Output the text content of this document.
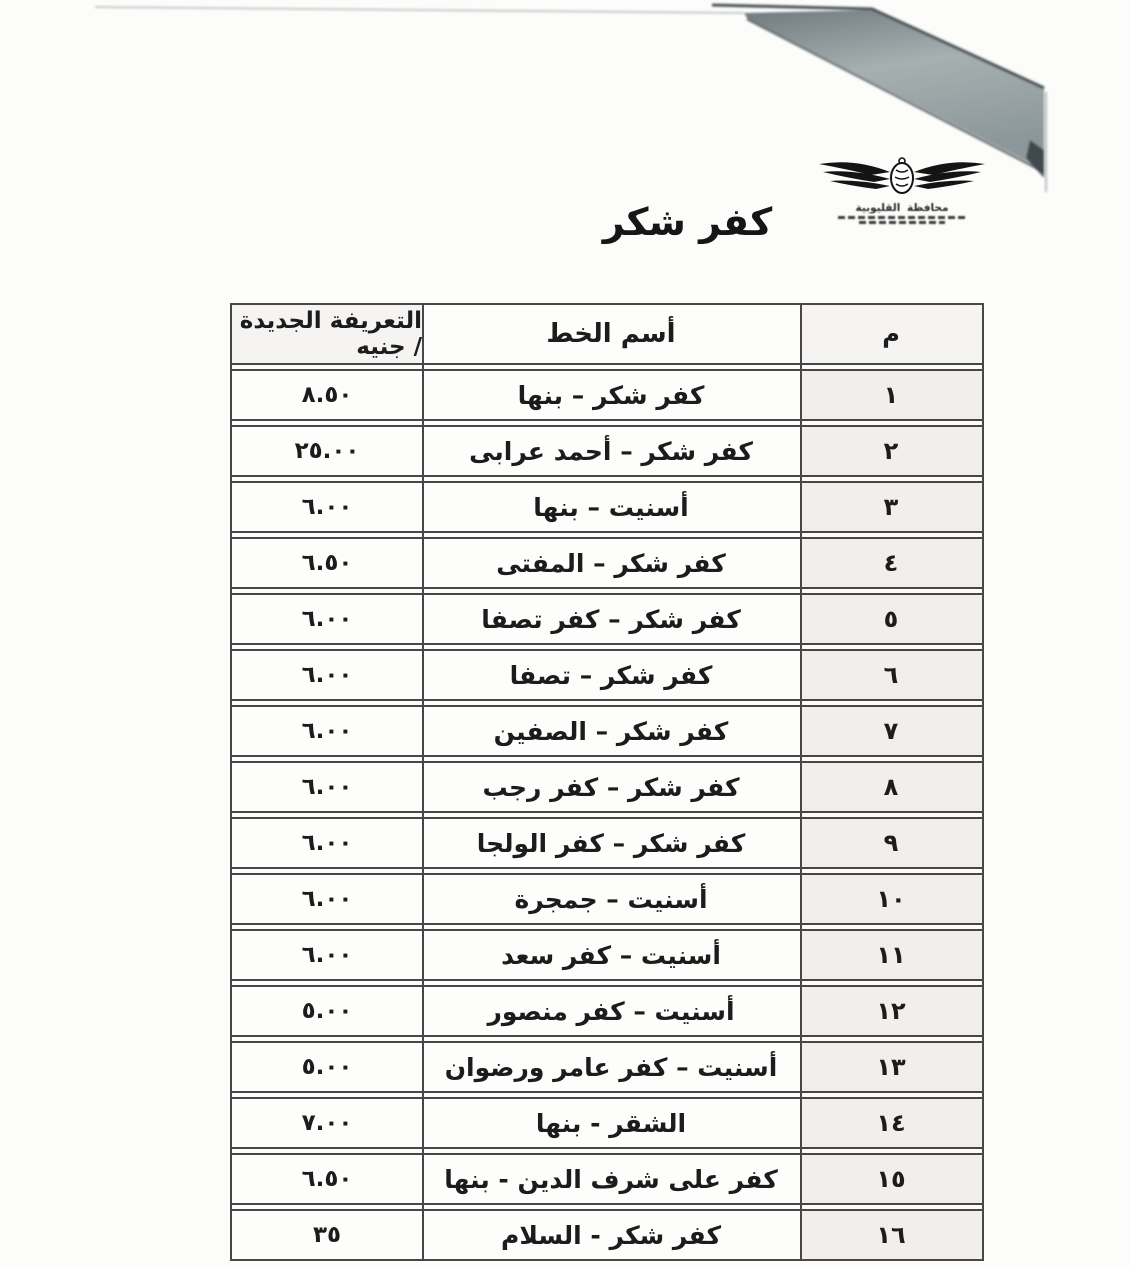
محافظة القليوبية
كفر شكر
التعريفة الجديدة / جنيه	أسم الخط	م
٨.٥٠	كفر شكر – بنها	١
٢٥.٠٠	كفر شكر – أحمد عرابى	٢
٦.٠٠	أسنيت – بنها	٣
٦.٥٠	كفر شكر – المفتى	٤
٦.٠٠	كفر شكر – كفر تصفا	٥
٦.٠٠	كفر شكر – تصفا	٦
٦.٠٠	كفر شكر – الصفين	٧
٦.٠٠	كفر شكر – كفر رجب	٨
٦.٠٠	كفر شكر – كفر الولجا	٩
٦.٠٠	أسنيت – جمجرة	١٠
٦.٠٠	أسنيت – كفر سعد	١١
٥.٠٠	أسنيت – كفر منصور	١٢
٥.٠٠	أسنيت – كفر عامر ورضوان	١٣
٧.٠٠	الشقر - بنها	١٤
٦.٥٠	كفر على شرف الدين - بنها	١٥
٣٥	كفر شكر - السلام	١٦
